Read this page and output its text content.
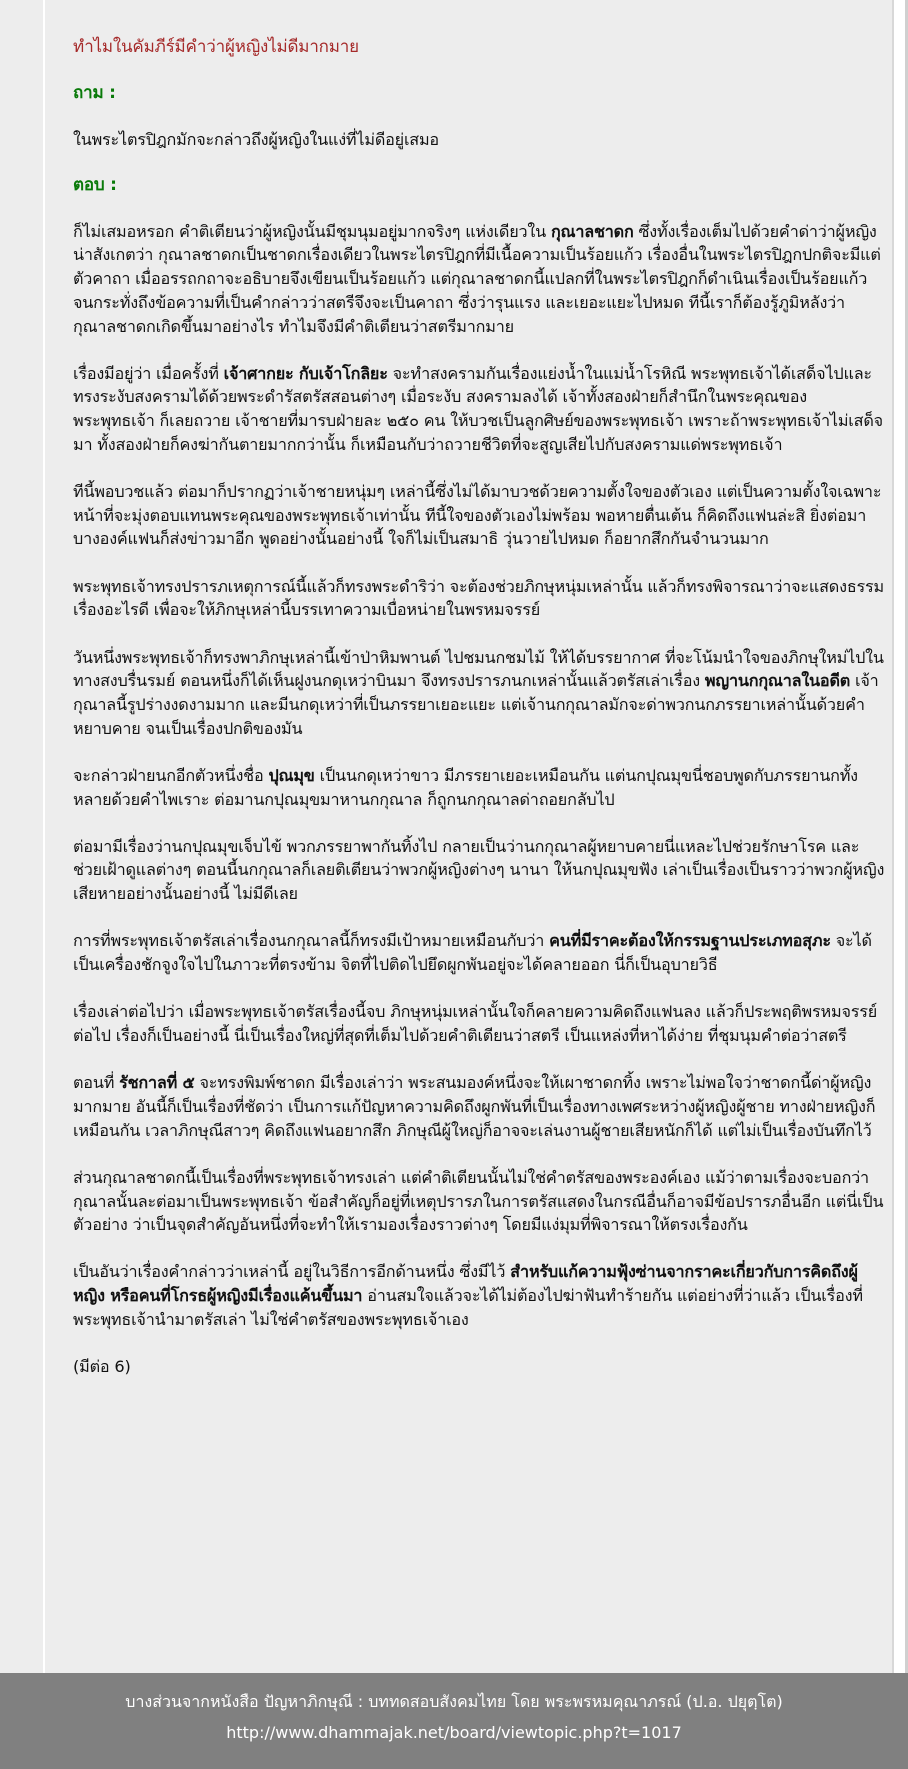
ทำไมในคัมภีร์มีคำว่าผู้หญิงไม่ดีมากมาย
ถาม :
ในพระไตรปิฎกมักจะกล่าวถึงผู้หญิงในแง่ที่ไม่ดีอยู่เสมอ
ตอบ :

ก็ไม่เสมอหรอก คำติเตียนว่าผู้หญิงนั้นมีชุมนุมอยู่มากจริงๆ แห่งเดียวใน กุณาลชาดก ซึ่งทั้งเรื่องเต็มไปด้วยคำด่าว่าผู้หญิง น่าสังเกตว่า กุณาลชาดกเป็นชาดกเรื่องเดียวในพระไตรปิฎกที่มีเนื้อความเป็นร้อยแก้ว เรื่องอื่นในพระไตรปิฎกปกติจะมีแต่ตัวคาถา เมื่ออรรถกถาจะอธิบายจึงเขียนเป็นร้อยแก้ว แต่กุณาลชาดกนี้แปลกที่ในพระไตรปิฎกก็ดำเนินเรื่องเป็นร้อยแก้ว จนกระทั่งถึงข้อความที่เป็นคำกล่าวว่าสตรีจึงจะเป็นคาถา ซึ่งว่ารุนแรง และเยอะแยะไปหมด ทีนี้เราก็ต้องรู้ภูมิหลังว่ากุณาลชาดกเกิดขึ้นมาอย่างไร ทำไมจึงมีคำติเตียนว่าสตรีมากมาย

เรื่องมีอยู่ว่า เมื่อครั้งที่ เจ้าศากยะ กับเจ้าโกลิยะ จะทำสงครามกันเรื่องแย่งน้ำในแม่น้ำโรหิณี พระพุทธเจ้าได้เสด็จไปและทรงระงับสงครามได้ด้วยพระดำรัสตรัสสอนต่างๆ เมื่อระงับ สงครามลงได้ เจ้าทั้งสองฝ่ายก็สำนึกในพระคุณของพระพุทธเจ้า ก็เลยถวาย เจ้าชายที่มารบฝ่ายละ ๒๕๐ คน ให้บวชเป็นลูกศิษย์ของพระพุทธเจ้า เพราะถ้าพระพุทธเจ้าไม่เสด็จมา ทั้งสองฝ่ายก็คงฆ่ากันตายมากกว่านั้น ก็เหมือนกับว่าถวายชีวิตที่จะสูญเสียไปกับสงครามแด่พระพุทธเจ้า

ทีนี้พอบวชแล้ว ต่อมาก็ปรากฏว่าเจ้าชายหนุ่มๆ เหล่านี้ซึ่งไม่ได้มาบวชด้วยความตั้งใจของตัวเอง แต่เป็นความตั้งใจเฉพาะหน้าที่จะมุ่งตอบแทนพระคุณของพระพุทธเจ้าเท่านั้น ทีนี้ใจของตัวเองไม่พร้อม พอหายตื่นเต้น ก็คิดถึงแฟนล่ะสิ ยิ่งต่อมาบางองค์แฟนก็ส่งข่าวมาอีก พูดอย่างนั้นอย่างนี้ ใจก็ไม่เป็นสมาธิ วุ่นวายไปหมด ก็อยากสึกกันจำนวนมาก

พระพุทธเจ้าทรงปรารภเหตุการณ์นี้แล้วก็ทรงพระดำริว่า จะต้องช่วยภิกษุหนุ่มเหล่านั้น แล้วก็ทรงพิจารณาว่าจะแสดงธรรมเรื่องอะไรดี เพื่อจะให้ภิกษุเหล่านี้บรรเทาความเบื่อหน่ายในพรหมจรรย์

วันหนึ่งพระพุทธเจ้าก็ทรงพาภิกษุเหล่านี้เข้าป่าหิมพานต์ ไปชมนกชมไม้ ให้ได้บรรยากาศ ที่จะโน้มนำใจของภิกษุใหม่ไปในทางสงบรื่นรมย์ ตอนหนึ่งก็ได้เห็นฝูงนกดุเหว่าบินมา จึงทรงปรารภนกเหล่านั้นแล้วตรัสเล่าเรื่อง พญานกกุณาลในอดีต เจ้ากุณาลนี้รูปร่างงดงามมาก และมีนกดุเหว่าที่เป็นภรรยาเยอะแยะ แต่เจ้านกกุณาลมักจะด่าพวกนกภรรยาเหล่านั้นด้วยคำหยาบคาย จนเป็นเรื่องปกติของมัน

จะกล่าวฝ่ายนกอีกตัวหนึ่งชื่อ ปุณมุข เป็นนกดุเหว่าขาว มีภรรยาเยอะเหมือนกัน แต่นกปุณมุขนี่ชอบพูดกับภรรยานกทั้งหลายด้วยคำไพเราะ ต่อมานกปุณมุขมาหานกกุณาล ก็ถูกนกกุณาลด่าถอยกลับไป

ต่อมามีเรื่องว่านกปุณมุขเจ็บไข้ พวกภรรยาพากันทิ้งไป กลายเป็นว่านกกุณาลผู้หยาบคายนี่แหละไปช่วยรักษาโรค และช่วยเฝ้าดูแลต่างๆ ตอนนี้นกกุณาลก็เลยติเตียนว่าพวกผู้หญิงต่างๆ นานา ให้นกปุณมุขฟัง เล่าเป็นเรื่องเป็นราวว่าพวกผู้หญิงเสียหายอย่างนั้นอย่างนี้ ไม่มีดีเลย

การที่พระพุทธเจ้าตรัสเล่าเรื่องนกกุณาลนี้ก็ทรงมีเป้าหมายเหมือนกับว่า คนที่มีราคะต้องให้กรรมฐานประเภทอสุภะ จะได้เป็นเครื่องชักจูงใจไปในภาวะที่ตรงข้าม จิตที่ไปติดไปยึดผูกพันอยู่จะได้คลายออก นี่ก็เป็นอุบายวิธี

เรื่องเล่าต่อไปว่า เมื่อพระพุทธเจ้าตรัสเรื่องนี้จบ ภิกษุหนุ่มเหล่านั้นใจก็คลายความคิดถึงแฟนลง แล้วก็ประพฤติพรหมจรรย์ต่อไป เรื่องก็เป็นอย่างนี้ นี่เป็นเรื่องใหญ่ที่สุดที่เต็มไปด้วยคำติเตียนว่าสตรี เป็นแหล่งที่หาได้ง่าย ที่ชุมนุมคำต่อว่าสตรี

ตอนที่ รัชกาลที่ ๕ จะทรงพิมพ์ชาดก มีเรื่องเล่าว่า พระสนมองค์หนึ่งจะให้เผาชาดกทิ้ง เพราะไม่พอใจว่าชาดกนี้ด่าผู้หญิงมากมาย อันนี้ก็เป็นเรื่องที่ชัดว่า เป็นการแก้ปัญหาความคิดถึงผูกพันที่เป็นเรื่องทางเพศระหว่างผู้หญิงผู้ชาย ทางฝ่ายหญิงก็เหมือนกัน เวลาภิกษุณีสาวๆ คิดถึงแฟนอยากสึก ภิกษุณีผู้ใหญ่ก็อาจจะเล่นงานผู้ชายเสียหนักก็ได้ แต่ไม่เป็นเรื่องบันทึกไว้

ส่วนกุณาลชาดกนี้เป็นเรื่องที่พระพุทธเจ้าทรงเล่า แต่คำติเตียนนั้นไม่ใช่คำตรัสของพระองค์เอง แม้ว่าตามเรื่องจะบอกว่ากุณาลนั้นละต่อมาเป็นพระพุทธเจ้า ข้อสำคัญก็อยู่ที่เหตุปรารภในการตรัสแสดงในกรณีอื่นก็อาจมีข้อปรารภอื่นอีก แต่นี่เป็นตัวอย่าง ว่าเป็นจุดสำคัญอันหนึ่งที่จะทำให้เรามองเรื่องราวต่างๆ โดยมีแง่มุมที่พิจารณาให้ตรงเรื่องกัน

เป็นอันว่าเรื่องคำกล่าวว่าเหล่านี้ อยู่ในวิธีการอีกด้านหนึ่ง ซึ่งมีไว้ สำหรับแก้ความฟุ้งซ่านจากราคะเกี่ยวกับการคิดถึงผู้หญิง หรือคนที่โกรธผู้หญิงมีเรื่องแค้นขึ้นมา อ่านสมใจแล้วจะได้ไม่ต้องไปฆ่าฟันทำร้ายกัน แต่อย่างที่ว่าแล้ว เป็นเรื่องที่พระพุทธเจ้านำมาตรัสเล่า ไม่ใช่คำตรัสของพระพุทธเจ้าเอง

(มีต่อ 6)
บางส่วนจากหนังสือ ปัญหาภิกษุณี : บททดสอบสังคมไทย โดย พระพรหมคุณาภรณ์ (ป.อ. ปยุตฺโต)
http://www.dhammajak.net/board/viewtopic.php?t=1017
